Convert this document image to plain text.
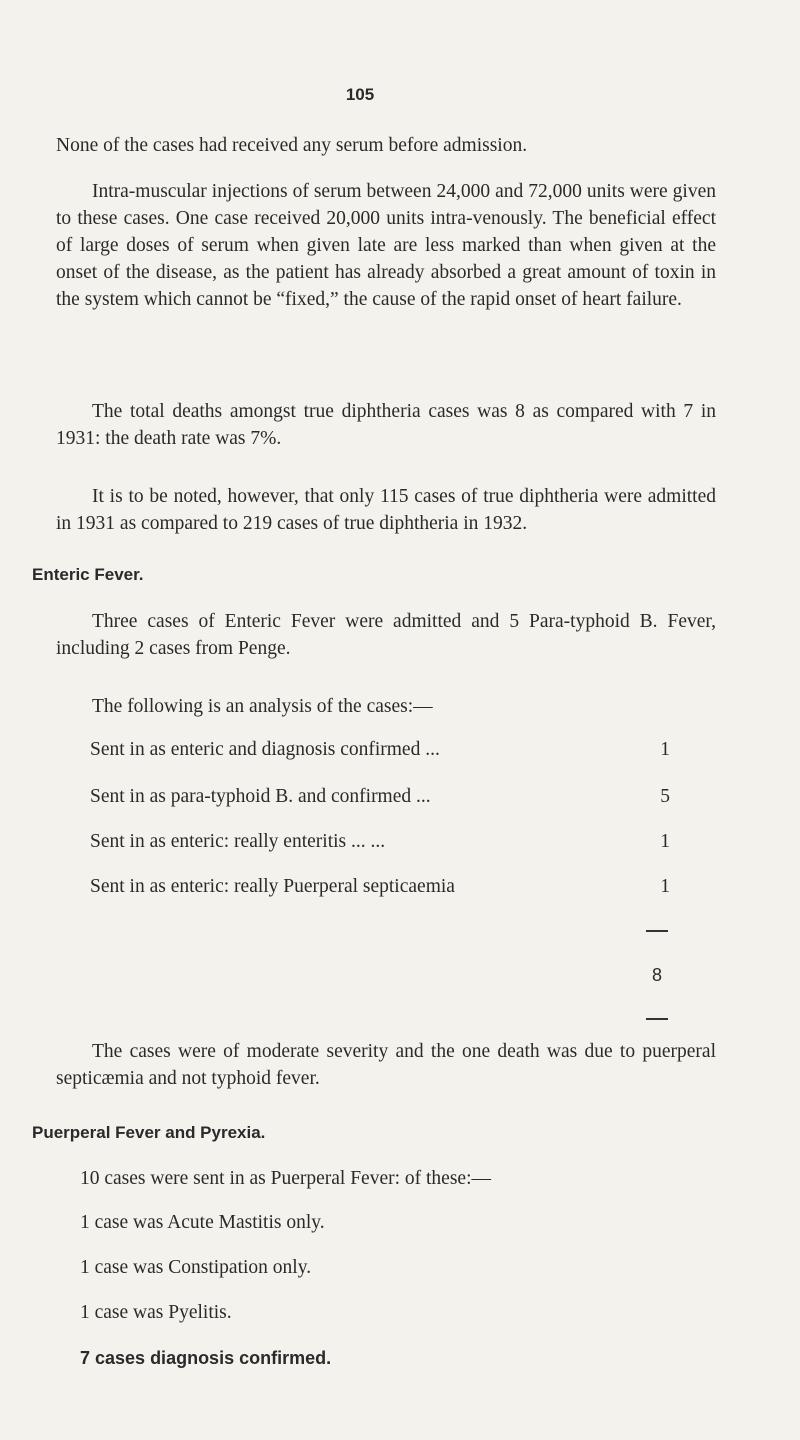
105

None of the cases had received any serum before admission.

Intra-muscular injections of serum between 24,000 and 72,000 units were given to these cases. One case received 20,000 units intra-venously. The beneficial effect of large doses of serum when given late are less marked than when given at the onset of the disease, as the patient has already absorbed a great amount of toxin in the system which cannot be “fixed,” the cause of the rapid onset of heart failure.

The total deaths amongst true diphtheria cases was 8 as compared with 7 in 1931: the death rate was 7%.

It is to be noted, however, that only 115 cases of true diphtheria were admitted in 1931 as compared to 219 cases of true diphtheria in 1932.

Enteric Fever.

Three cases of Enteric Fever were admitted and 5 Para-typhoid B. Fever, including 2 cases from Penge.

The following is an analysis of the cases:—

Sent in as enteric and diagnosis confirmed ...	1
Sent in as para-typhoid B. and confirmed ...	5
Sent in as enteric: really enteritis ... ...	1
Sent in as enteric: really Puerperal septicaemia	1
8

The cases were of moderate severity and the one death was due to puerperal septicæmia and not typhoid fever.

Puerperal Fever and Pyrexia.

10 cases were sent in as Puerperal Fever: of these:—

1 case was Acute Mastitis only.

1 case was Constipation only.

1 case was Pyelitis.

7 cases diagnosis confirmed.
